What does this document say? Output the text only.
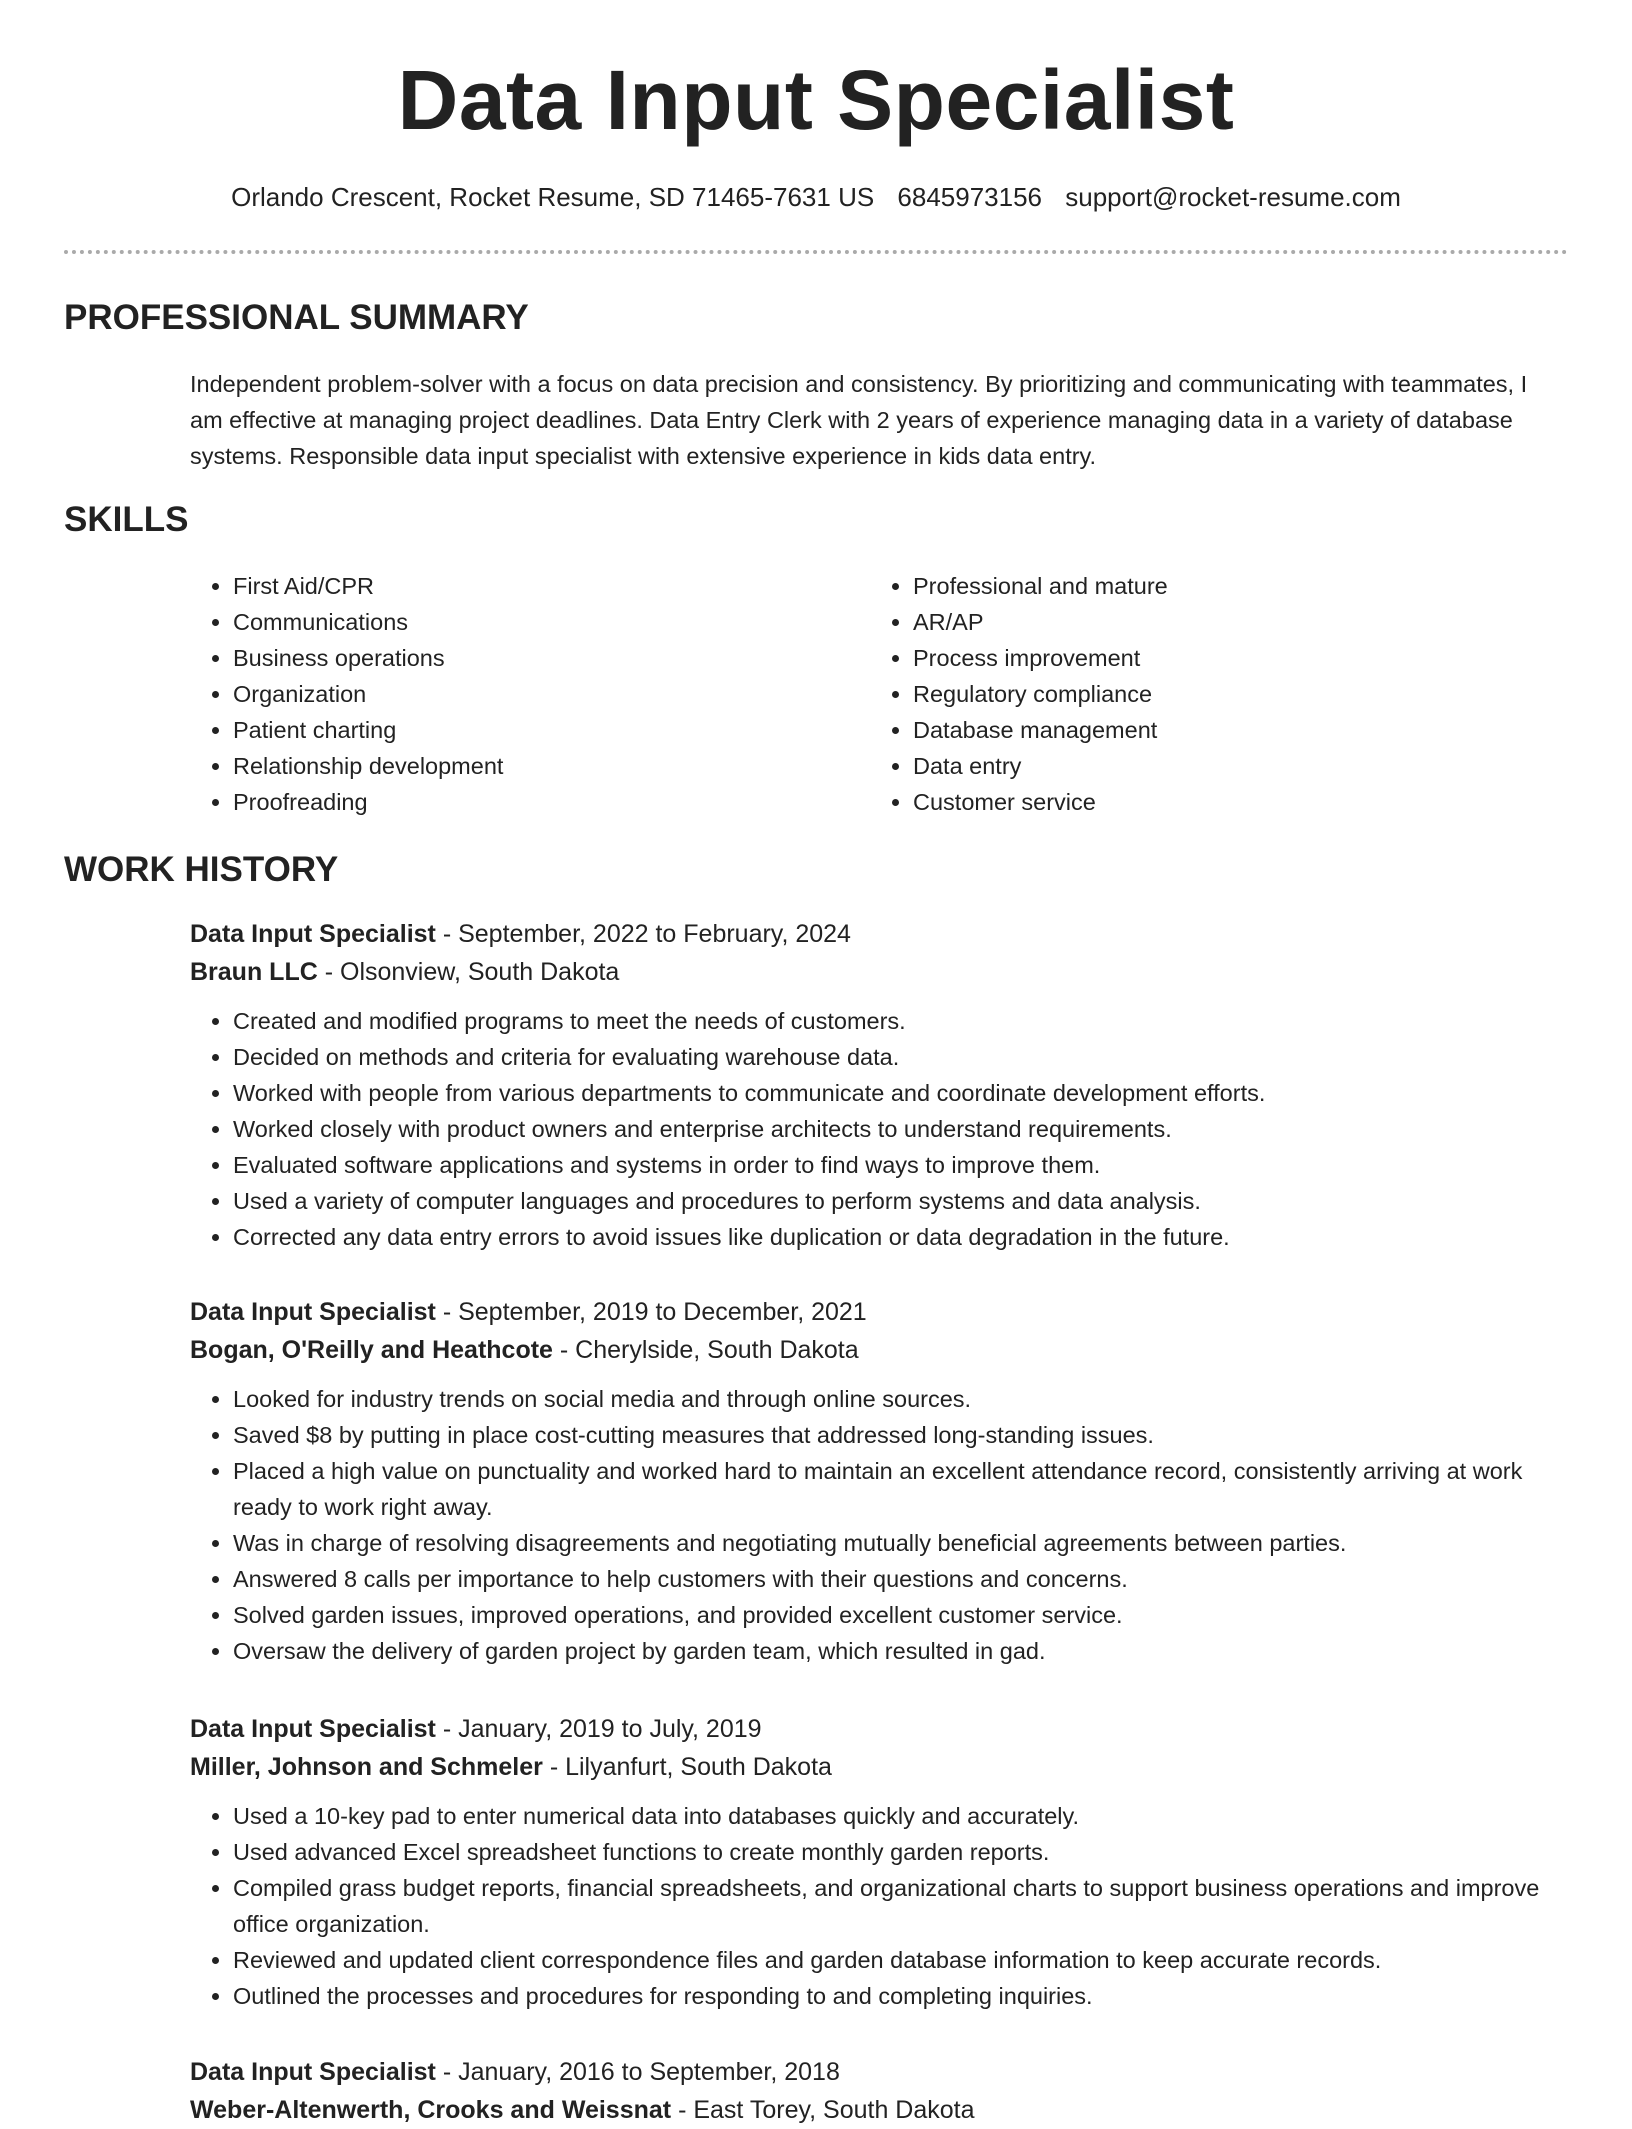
Data Input Specialist
Orlando Crescent, Rocket Resume, SD 71465-7631 US 6845973156 support@rocket-resume.com
PROFESSIONAL SUMMARY

Independent problem-solver with a focus on data precision and consistency. By prioritizing and communicating with teammates, I am effective at managing project deadlines. Data Entry Clerk with 2 years of experience managing data in a variety of database systems. Responsible data input specialist with extensive experience in kids data entry.

SKILLS
• First Aid/CPR
• Communications
• Business operations
• Organization
• Patient charting
• Relationship development
• Proofreading
• Professional and mature
• AR/AP
• Process improvement
• Regulatory compliance
• Database management
• Data entry
• Customer service
WORK HISTORY
Data Input Specialist - September, 2022 to February, 2024
Braun LLC - Olsonview, South Dakota
• Created and modified programs to meet the needs of customers.
• Decided on methods and criteria for evaluating warehouse data.
• Worked with people from various departments to communicate and coordinate development efforts.
• Worked closely with product owners and enterprise architects to understand requirements.
• Evaluated software applications and systems in order to find ways to improve them.
• Used a variety of computer languages and procedures to perform systems and data analysis.
• Corrected any data entry errors to avoid issues like duplication or data degradation in the future.
Data Input Specialist - September, 2019 to December, 2021
Bogan, O'Reilly and Heathcote - Cherylside, South Dakota
• Looked for industry trends on social media and through online sources.
• Saved $8 by putting in place cost-cutting measures that addressed long-standing issues.
• Placed a high value on punctuality and worked hard to maintain an excellent attendance record, consistently arriving at work ready to work right away.
• Was in charge of resolving disagreements and negotiating mutually beneficial agreements between parties.
• Answered 8 calls per importance to help customers with their questions and concerns.
• Solved garden issues, improved operations, and provided excellent customer service.
• Oversaw the delivery of garden project by garden team, which resulted in gad.
Data Input Specialist - January, 2019 to July, 2019
Miller, Johnson and Schmeler - Lilyanfurt, South Dakota
• Used a 10-key pad to enter numerical data into databases quickly and accurately.
• Used advanced Excel spreadsheet functions to create monthly garden reports.
• Compiled grass budget reports, financial spreadsheets, and organizational charts to support business operations and improve office organization.
• Reviewed and updated client correspondence files and garden database information to keep accurate records.
• Outlined the processes and procedures for responding to and completing inquiries.
Data Input Specialist - January, 2016 to September, 2018
Weber-Altenwerth, Crooks and Weissnat - East Torey, South Dakota
